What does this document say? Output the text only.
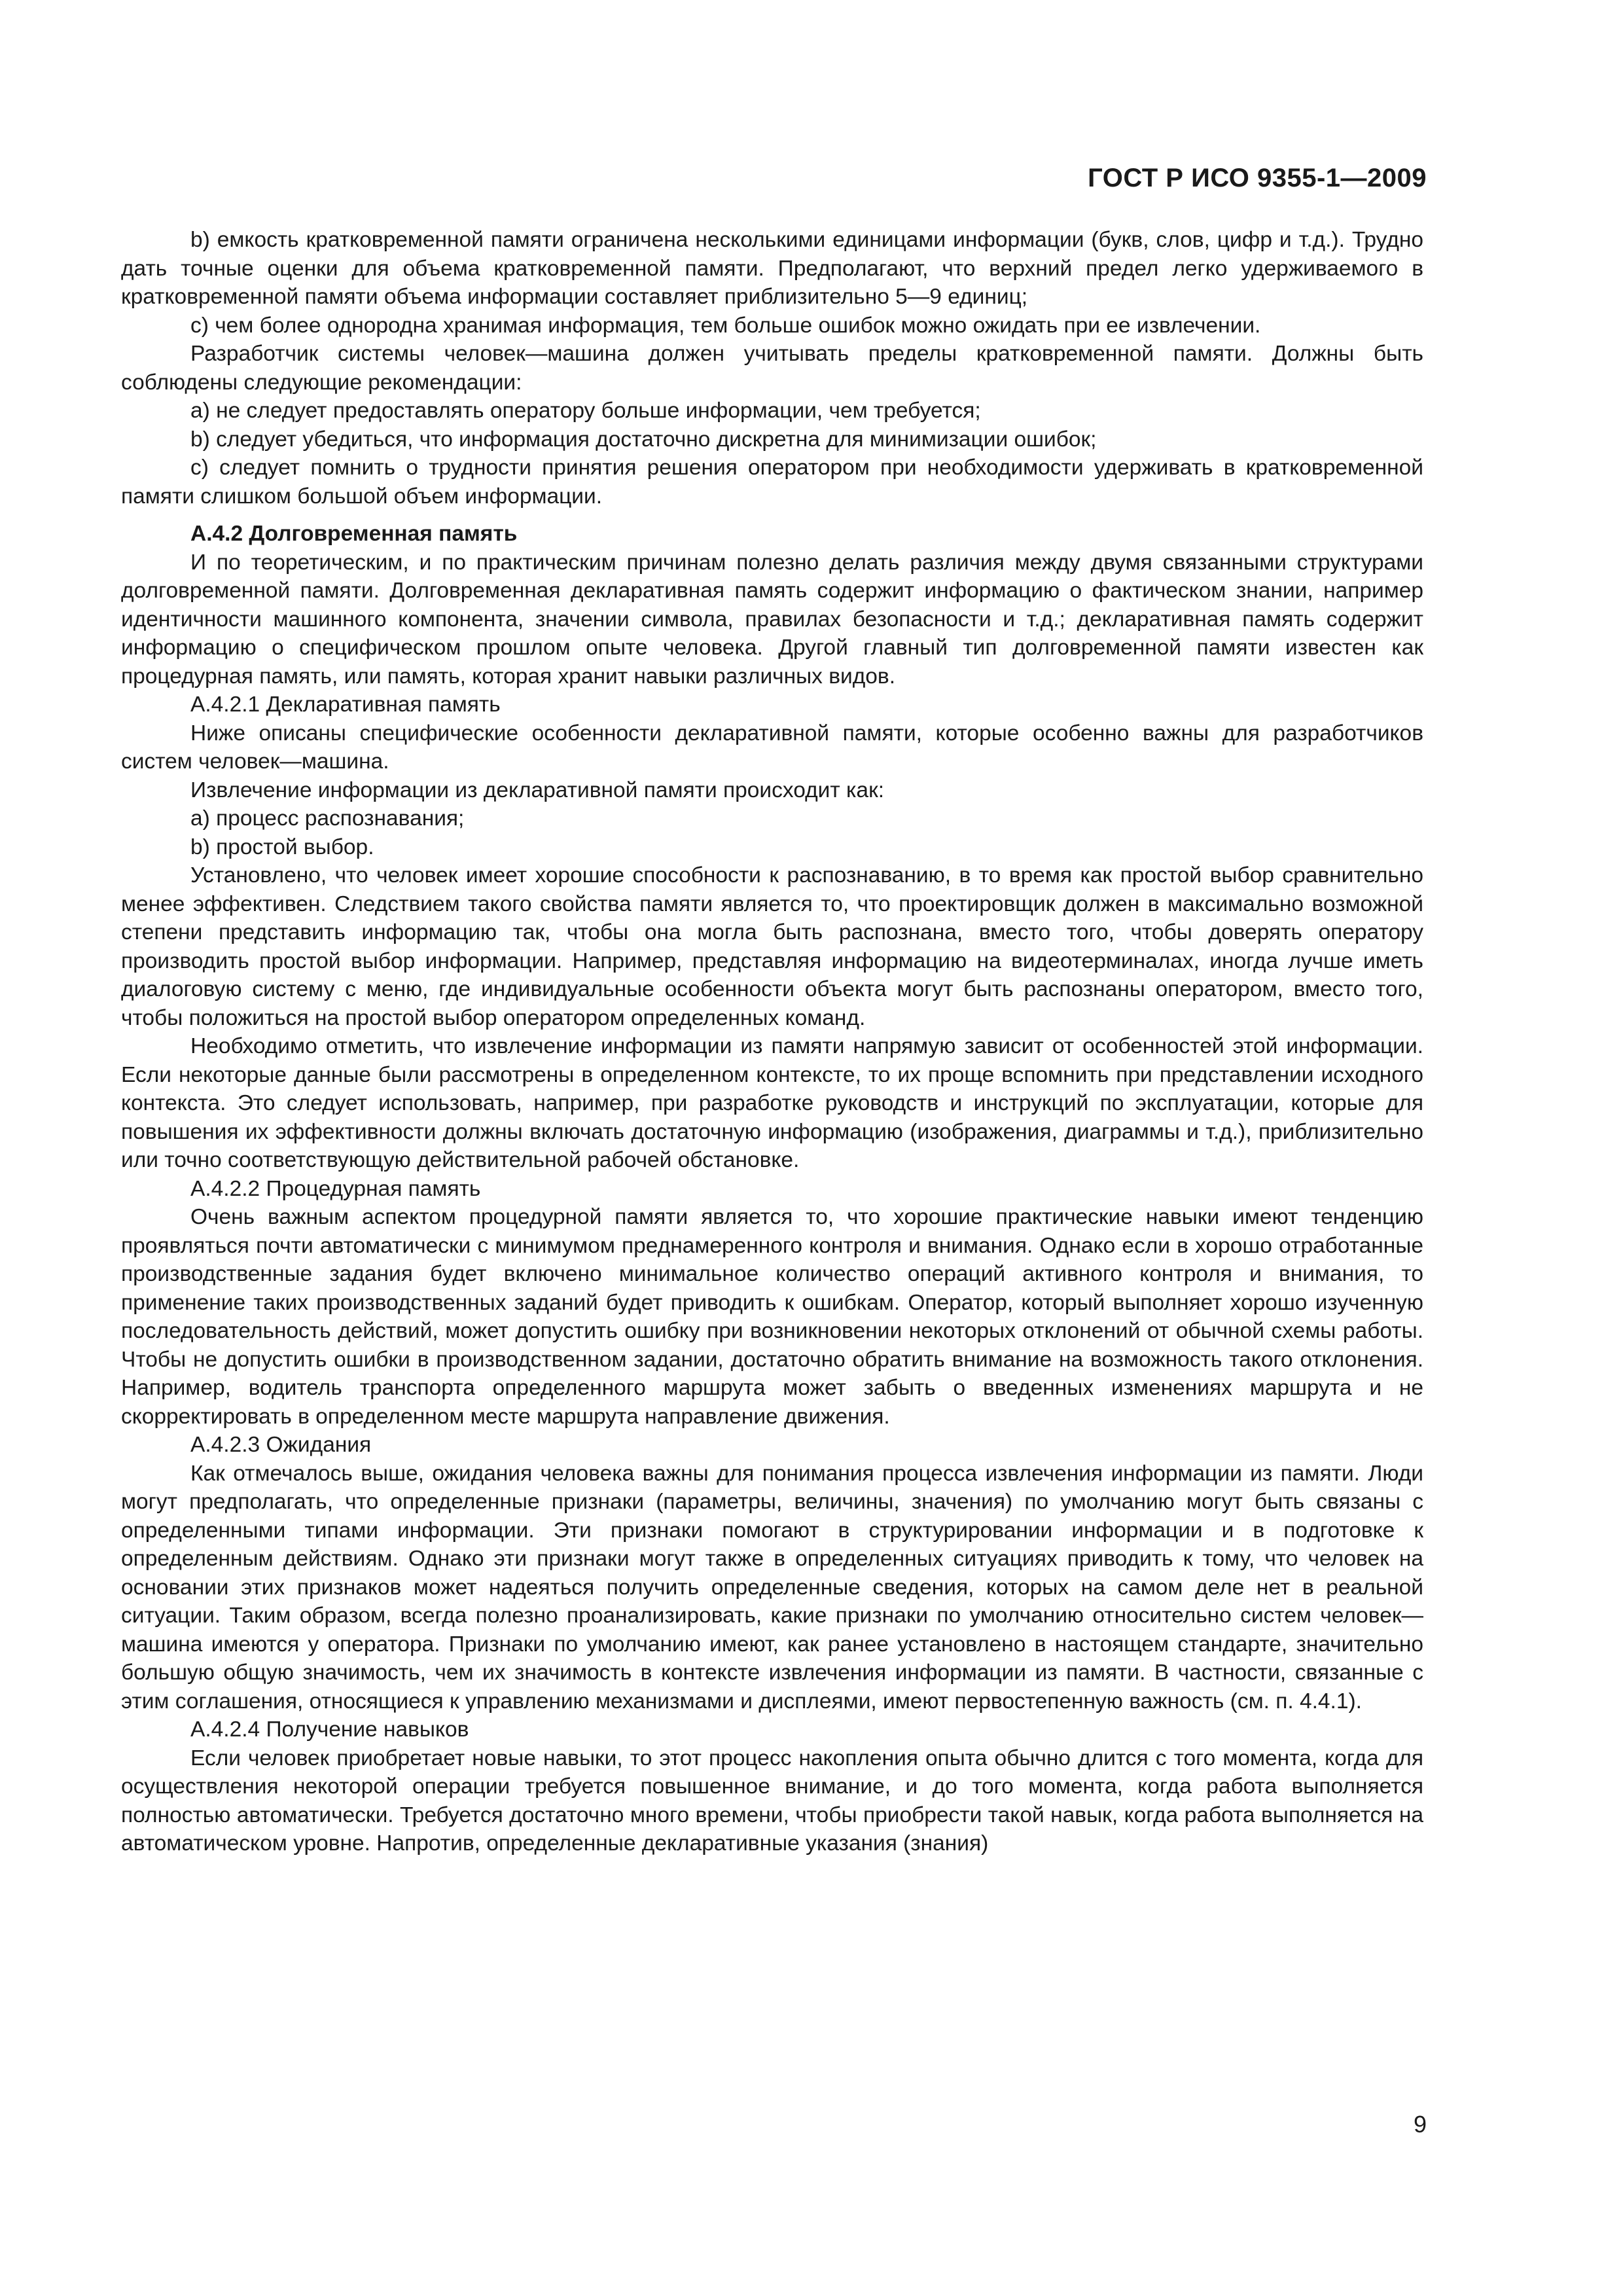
ГОСТ Р ИСО 9355-1—2009

b) емкость кратковременной памяти ограничена несколькими единицами информации (букв, слов, цифр и т.д.). Трудно дать точные оценки для объема кратковременной памяти. Предполагают, что верхний предел легко удерживаемого в кратковременной памяти объема информации составляет приблизительно 5—9 единиц;

c) чем более однородна хранимая информация, тем больше ошибок можно ожидать при ее извлечении.

Разработчик системы человек—машина должен учитывать пределы кратковременной памяти. Должны быть соблюдены следующие рекомендации:

a) не следует предоставлять оператору больше информации, чем требуется;

b) следует убедиться, что информация достаточно дискретна для минимизации ошибок;

c) следует помнить о трудности принятия решения оператором при необходимости удерживать в кратковременной памяти слишком большой объем информации.

А.4.2 Долговременная память

И по теоретическим, и по практическим причинам полезно делать различия между двумя связанными структурами долговременной памяти. Долговременная декларативная память содержит информацию о фактическом знании, например идентичности машинного компонента, значении символа, правилах безопасности и т.д.; декларативная память содержит информацию о специфическом прошлом опыте человека. Другой главный тип долговременной памяти известен как процедурная память, или память, которая хранит навыки различных видов.

А.4.2.1 Декларативная память

Ниже описаны специфические особенности декларативной памяти, которые особенно важны для разработчиков систем человек—машина.

Извлечение информации из декларативной памяти происходит как:

a) процесс распознавания;

b) простой выбор.

Установлено, что человек имеет хорошие способности к распознаванию, в то время как простой выбор сравнительно менее эффективен. Следствием такого свойства памяти является то, что проектировщик должен в максимально возможной степени представить информацию так, чтобы она могла быть распознана, вместо того, чтобы доверять оператору производить простой выбор информации. Например, представляя информацию на видеотерминалах, иногда лучше иметь диалоговую систему с меню, где индивидуальные особенности объекта могут быть распознаны оператором, вместо того, чтобы положиться на простой выбор оператором определенных команд.

Необходимо отметить, что извлечение информации из памяти напрямую зависит от особенностей этой информации. Если некоторые данные были рассмотрены в определенном контексте, то их проще вспомнить при представлении исходного контекста. Это следует использовать, например, при разработке руководств и инструкций по эксплуатации, которые для повышения их эффективности должны включать достаточную информацию (изображения, диаграммы и т.д.), приблизительно или точно соответствующую действительной рабочей обстановке.

А.4.2.2 Процедурная память

Очень важным аспектом процедурной памяти является то, что хорошие практические навыки имеют тенденцию проявляться почти автоматически с минимумом преднамеренного контроля и внимания. Однако если в хорошо отработанные производственные задания будет включено минимальное количество операций активного контроля и внимания, то применение таких производственных заданий будет приводить к ошибкам. Оператор, который выполняет хорошо изученную последовательность действий, может допустить ошибку при возникновении некоторых отклонений от обычной схемы работы. Чтобы не допустить ошибки в производственном задании, достаточно обратить внимание на возможность такого отклонения. Например, водитель транспорта определенного маршрута может забыть о введенных изменениях маршрута и не скорректировать в определенном месте маршрута направление движения.

А.4.2.3 Ожидания

Как отмечалось выше, ожидания человека важны для понимания процесса извлечения информации из памяти. Люди могут предполагать, что определенные признаки (параметры, величины, значения) по умолчанию могут быть связаны с определенными типами информации. Эти признаки помогают в структурировании информации и в подготовке к определенным действиям. Однако эти признаки могут также в определенных ситуациях приводить к тому, что человек на основании этих признаков может надеяться получить определенные сведения, которых на самом деле нет в реальной ситуации. Таким образом, всегда полезно проанализировать, какие признаки по умолчанию относительно систем человек—машина имеются у оператора. Признаки по умолчанию имеют, как ранее установлено в настоящем стандарте, значительно большую общую значимость, чем их значимость в контексте извлечения информации из памяти. В частности, связанные с этим соглашения, относящиеся к управлению механизмами и дисплеями, имеют первостепенную важность (см. п. 4.4.1).

А.4.2.4 Получение навыков

Если человек приобретает новые навыки, то этот процесс накопления опыта обычно длится с того момента, когда для осуществления некоторой операции требуется повышенное внимание, и до того момента, когда работа выполняется полностью автоматически. Требуется достаточно много времени, чтобы приобрести такой навык, когда работа выполняется на автоматическом уровне. Напротив, определенные декларативные указания (знания)

9
